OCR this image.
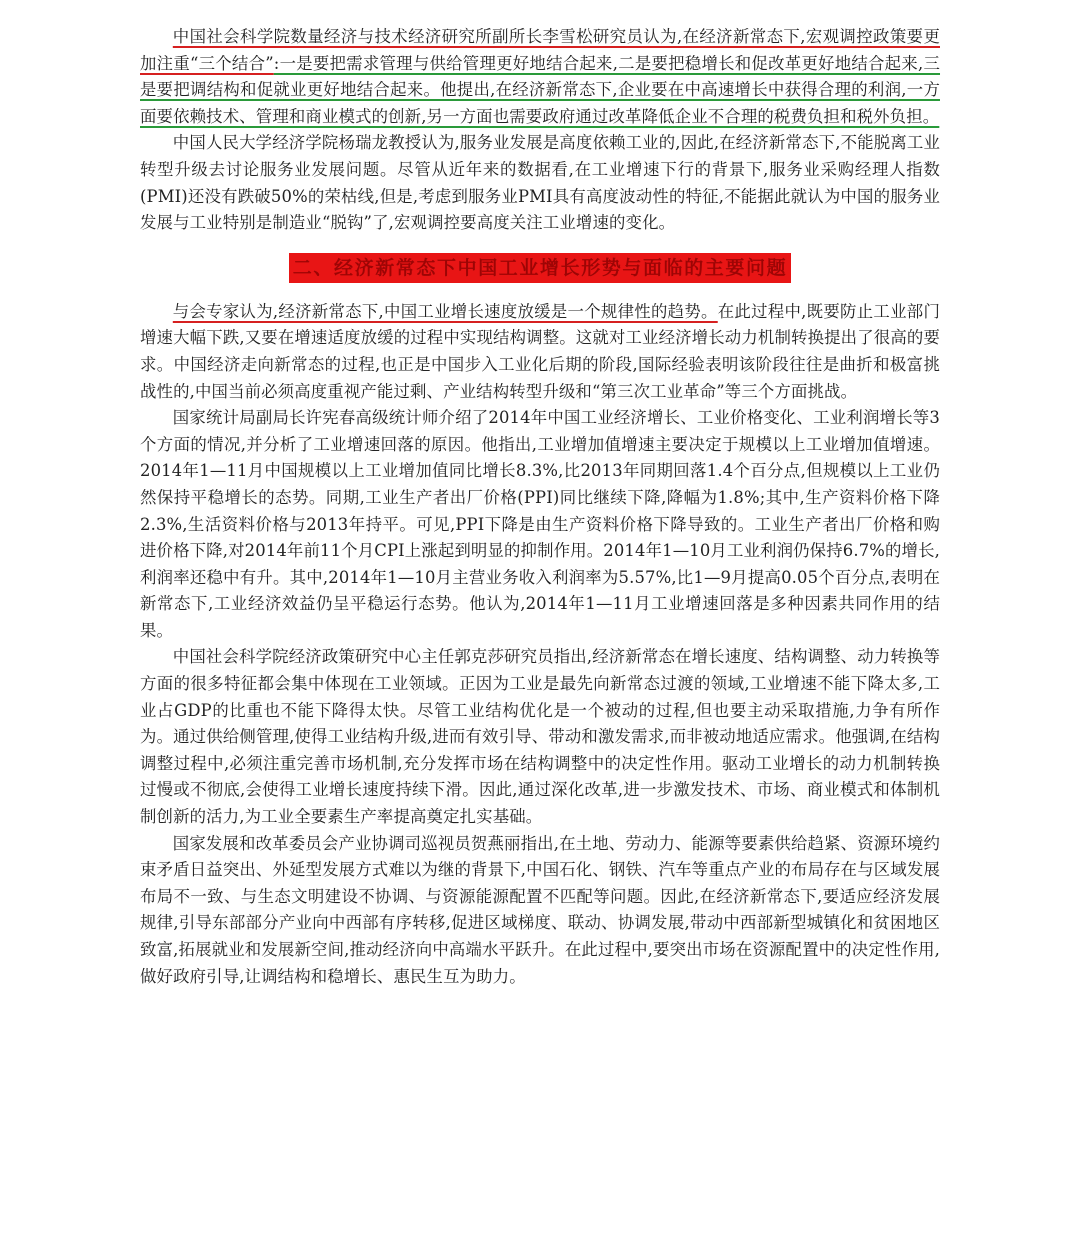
中国社会科学院数量经济与技术经济研究所副所长李雪松研究员认为,在经济新常态下,宏观调控政策要更加注重“三个结合”:一是要把需求管理与供给管理更好地结合起来,二是要把稳增长和促改革更好地结合起来,三是要把调结构和促就业更好地结合起来。他提出,在经济新常态下,企业要在中高速增长中获得合理的利润,一方面要依赖技术、管理和商业模式的创新,另一方面也需要政府通过改革降低企业不合理的税费负担和税外负担。

中国人民大学经济学院杨瑞龙教授认为,服务业发展是高度依赖工业的,因此,在经济新常态下,不能脱离工业转型升级去讨论服务业发展问题。尽管从近年来的数据看,在工业增速下行的背景下,服务业采购经理人指数(PMI)还没有跌破50%的荣枯线,但是,考虑到服务业PMI具有高度波动性的特征,不能据此就认为中国的服务业发展与工业特别是制造业“脱钩”了,宏观调控要高度关注工业增速的变化。

二、经济新常态下中国工业增长形势与面临的主要问题

与会专家认为,经济新常态下,中国工业增长速度放缓是一个规律性的趋势。在此过程中,既要防止工业部门增速大幅下跌,又要在增速适度放缓的过程中实现结构调整。这就对工业经济增长动力机制转换提出了很高的要求。中国经济走向新常态的过程,也正是中国步入工业化后期的阶段,国际经验表明该阶段往往是曲折和极富挑战性的,中国当前必须高度重视产能过剩、产业结构转型升级和“第三次工业革命”等三个方面挑战。

国家统计局副局长许宪春高级统计师介绍了2014年中国工业经济增长、工业价格变化、工业利润增长等3个方面的情况,并分析了工业增速回落的原因。他指出,工业增加值增速主要决定于规模以上工业增加值增速。2014年1—11月中国规模以上工业增加值同比增长8.3%,比2013年同期回落1.4个百分点,但规模以上工业仍然保持平稳增长的态势。同期,工业生产者出厂价格(PPI)同比继续下降,降幅为1.8%;其中,生产资料价格下降2.3%,生活资料价格与2013年持平。可见,PPI下降是由生产资料价格下降导致的。工业生产者出厂价格和购进价格下降,对2014年前11个月CPI上涨起到明显的抑制作用。2014年1—10月工业利润仍保持6.7%的增长,利润率还稳中有升。其中,2014年1—10月主营业务收入利润率为5.57%,比1—9月提高0.05个百分点,表明在新常态下,工业经济效益仍呈平稳运行态势。他认为,2014年1—11月工业增速回落是多种因素共同作用的结果。

中国社会科学院经济政策研究中心主任郭克莎研究员指出,经济新常态在增长速度、结构调整、动力转换等方面的很多特征都会集中体现在工业领域。正因为工业是最先向新常态过渡的领域,工业增速不能下降太多,工业占GDP的比重也不能下降得太快。尽管工业结构优化是一个被动的过程,但也要主动采取措施,力争有所作为。通过供给侧管理,使得工业结构升级,进而有效引导、带动和激发需求,而非被动地适应需求。他强调,在结构调整过程中,必须注重完善市场机制,充分发挥市场在结构调整中的决定性作用。驱动工业增长的动力机制转换过慢或不彻底,会使得工业增长速度持续下滑。因此,通过深化改革,进一步激发技术、市场、商业模式和体制机制创新的活力,为工业全要素生产率提高奠定扎实基础。

国家发展和改革委员会产业协调司巡视员贺燕丽指出,在土地、劳动力、能源等要素供给趋紧、资源环境约束矛盾日益突出、外延型发展方式难以为继的背景下,中国石化、钢铁、汽车等重点产业的布局存在与区域发展布局不一致、与生态文明建设不协调、与资源能源配置不匹配等问题。因此,在经济新常态下,要适应经济发展规律,引导东部部分产业向中西部有序转移,促进区域梯度、联动、协调发展,带动中西部新型城镇化和贫困地区致富,拓展就业和发展新空间,推动经济向中高端水平跃升。在此过程中,要突出市场在资源配置中的决定性作用,做好政府引导,让调结构和稳增长、惠民生互为助力。
